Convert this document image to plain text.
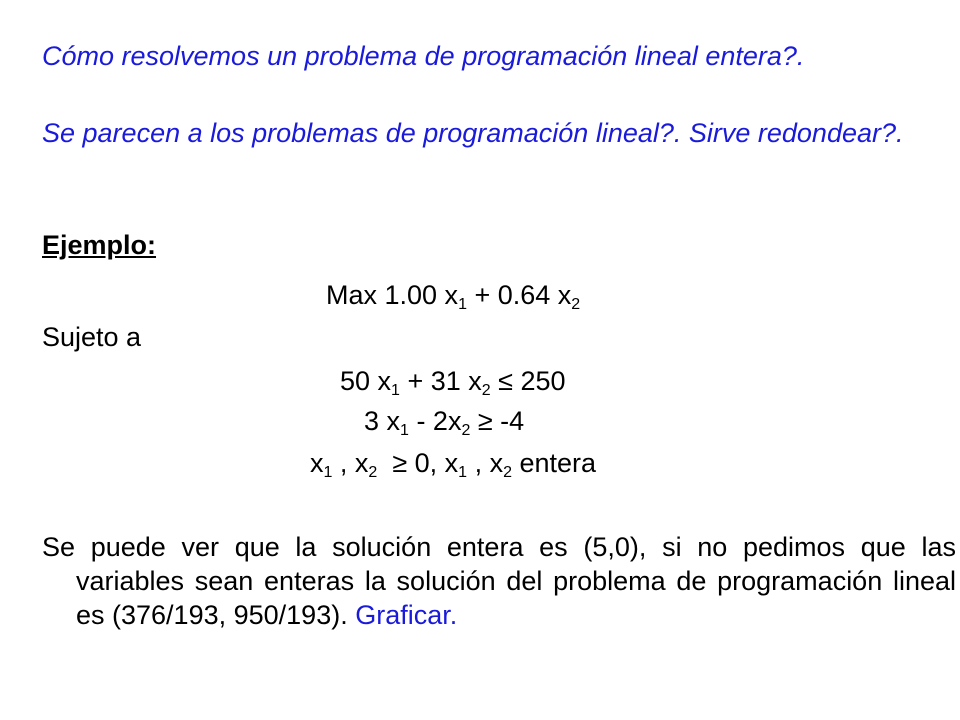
Cómo resolvemos un problema de programación lineal entera?.

Se parecen a los problemas de programación lineal?. Sirve redondear?.

Ejemplo:
Max 1.00 $x_1 + 0.64$ $x_2$
Sujeto a
50 $x_1 + 31$ $x_2 \le 250$
3 $x_1 - 2x_2 \ge -4$
$x_1$ , $x_2 \ge 0$, $x_1$ , $x_2$ entera

Se puede ver que la solución entera es (5,0), si no pedimos que las variables sean enteras la solución del problema de programación lineal es (376/193, 950/193). Graficar.
